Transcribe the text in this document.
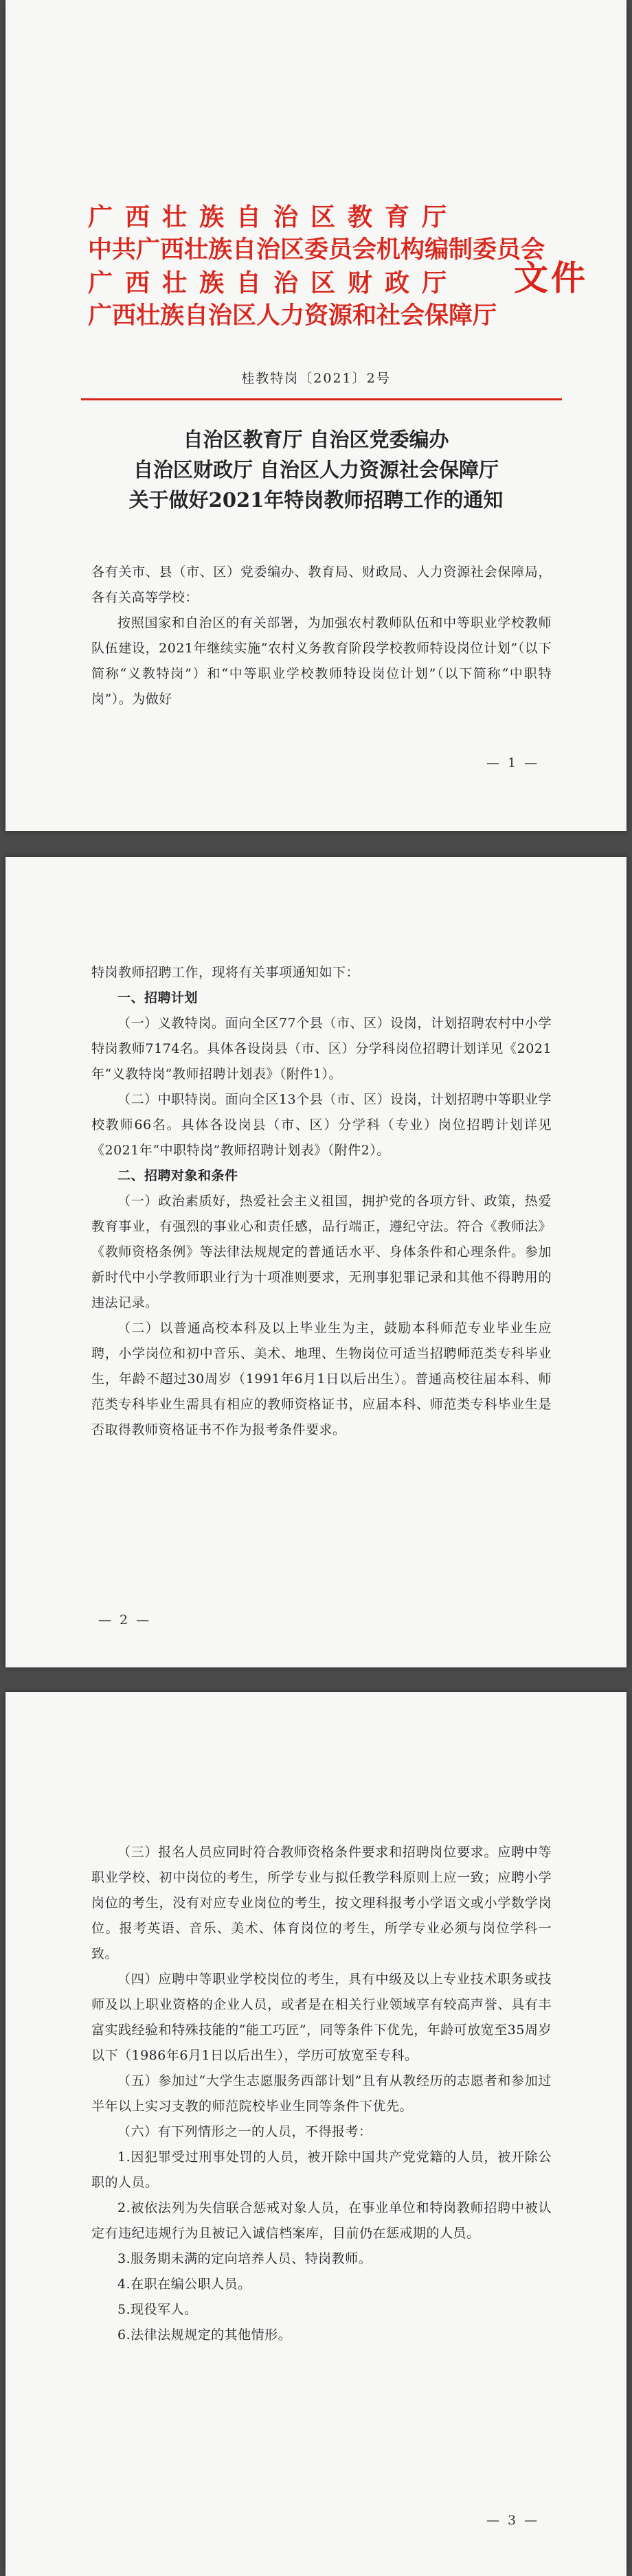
广西壮族自治区教育厅
中共广西壮族自治区委员会机构编制委员会
广西壮族自治区财政厅
广西壮族自治区人力资源和社会保障厅
文件
桂教特岗〔2021〕2号
自治区教育厅 自治区党委编办
自治区财政厅 自治区人力资源社会保障厅
关于做好2021年特岗教师招聘工作的通知

各有关市、县（市、区）党委编办、教育局、财政局、人力资源社会保障局，各有关高等学校：

按照国家和自治区的有关部署，为加强农村教师队伍和中等职业学校教师队伍建设，2021年继续实施“农村义务教育阶段学校教师特设岗位计划”（以下简称“义教特岗”）和“中等职业学校教师特设岗位计划”（以下简称“中职特岗”）。为做好

— 1 —

特岗教师招聘工作，现将有关事项通知如下：

一、招聘计划

（一）义教特岗。面向全区77个县（市、区）设岗，计划招聘农村中小学特岗教师7174名。具体各设岗县（市、区）分学科岗位招聘计划详见《2021年“义教特岗”教师招聘计划表》（附件1）。

（二）中职特岗。面向全区13个县（市、区）设岗，计划招聘中等职业学校教师66名。具体各设岗县（市、区）分学科（专业）岗位招聘计划详见《2021年“中职特岗”教师招聘计划表》（附件2）。

二、招聘对象和条件

（一）政治素质好，热爱社会主义祖国，拥护党的各项方针、政策，热爱教育事业，有强烈的事业心和责任感，品行端正，遵纪守法。符合《教师法》《教师资格条例》等法律法规规定的普通话水平、身体条件和心理条件。参加新时代中小学教师职业行为十项准则要求，无刑事犯罪记录和其他不得聘用的违法记录。

（二）以普通高校本科及以上毕业生为主，鼓励本科师范专业毕业生应聘，小学岗位和初中音乐、美术、地理、生物岗位可适当招聘师范类专科毕业生，年龄不超过30周岁（1991年6月1日以后出生）。普通高校往届本科、师范类专科毕业生需具有相应的教师资格证书，应届本科、师范类专科毕业生是否取得教师资格证书不作为报考条件要求。

— 2 —

（三）报名人员应同时符合教师资格条件要求和招聘岗位要求。应聘中等职业学校、初中岗位的考生，所学专业与拟任教学科原则上应一致；应聘小学岗位的考生，没有对应专业岗位的考生，按文理科报考小学语文或小学数学岗位。报考英语、音乐、美术、体育岗位的考生，所学专业必须与岗位学科一致。

（四）应聘中等职业学校岗位的考生，具有中级及以上专业技术职务或技师及以上职业资格的企业人员，或者是在相关行业领域享有较高声誉、具有丰富实践经验和特殊技能的“能工巧匠”，同等条件下优先，年龄可放宽至35周岁以下（1986年6月1日以后出生），学历可放宽至专科。

（五）参加过“大学生志愿服务西部计划”且有从教经历的志愿者和参加过半年以上实习支教的师范院校毕业生同等条件下优先。

（六）有下列情形之一的人员，不得报考：

1.因犯罪受过刑事处罚的人员，被开除中国共产党党籍的人员，被开除公职的人员。

2.被依法列为失信联合惩戒对象人员，在事业单位和特岗教师招聘中被认定有违纪违规行为且被记入诚信档案库，目前仍在惩戒期的人员。

3.服务期未满的定向培养人员、特岗教师。

4.在职在编公职人员。

5.现役军人。

6.法律法规规定的其他情形。

— 3 —
